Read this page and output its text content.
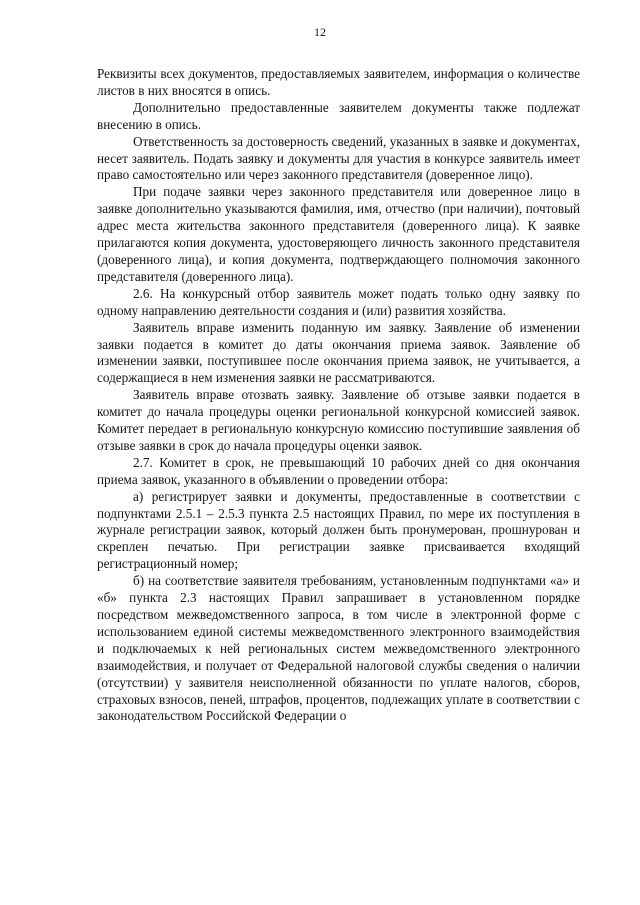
12

Реквизиты всех документов, предоставляемых заявителем, информация о количестве листов в них вносятся в опись.

Дополнительно предоставленные заявителем документы также подлежат внесению в опись.

Ответственность за достоверность сведений, указанных в заявке и документах, несет заявитель. Подать заявку и документы для участия в конкурсе заявитель имеет право самостоятельно или через законного представителя (доверенное лицо).

При подаче заявки через законного представителя или доверенное лицо в заявке дополнительно указываются фамилия, имя, отчество (при наличии), почтовый адрес места жительства законного представителя (доверенного лица). К заявке прилагаются копия документа, удостоверяющего личность законного представителя (доверенного лица), и копия документа, подтверждающего полномочия законного представителя (доверенного лица).

2.6. На конкурсный отбор заявитель может подать только одну заявку по одному направлению деятельности создания и (или) развития хозяйства.

Заявитель вправе изменить поданную им заявку. Заявление об изменении заявки подается в комитет до даты окончания приема заявок. Заявление об изменении заявки, поступившее после окончания приема заявок, не учитывается, а содержащиеся в нем изменения заявки не рассматриваются.

Заявитель вправе отозвать заявку. Заявление об отзыве заявки подается в комитет до начала процедуры оценки региональной конкурсной комиссией заявок. Комитет передает в региональную конкурсную комиссию поступившие заявления об отзыве заявки в срок до начала процедуры оценки заявок.

2.7. Комитет в срок, не превышающий 10 рабочих дней со дня окончания приема заявок, указанного в объявлении о проведении отбора:

а) регистрирует заявки и документы, предоставленные в соответствии с подпунктами 2.5.1 – 2.5.3 пункта 2.5 настоящих Правил, по мере их поступления в журнале регистрации заявок, который должен быть пронумерован, прошнурован и скреплен печатью. При регистрации заявке присваивается входящий регистрационный номер;

б) на соответствие заявителя требованиям, установленным подпунктами «а» и «б» пункта 2.3 настоящих Правил запрашивает в установленном порядке посредством межведомственного запроса, в том числе в электронной форме с использованием единой системы межведомственного электронного взаимодействия и подключаемых к ней региональных систем межведомственного электронного взаимодействия, и получает от Федеральной налоговой службы сведения о наличии (отсутствии) у заявителя неисполненной обязанности по уплате налогов, сборов, страховых взносов, пеней, штрафов, процентов, подлежащих уплате в соответствии с законодательством Российской Федерации о
